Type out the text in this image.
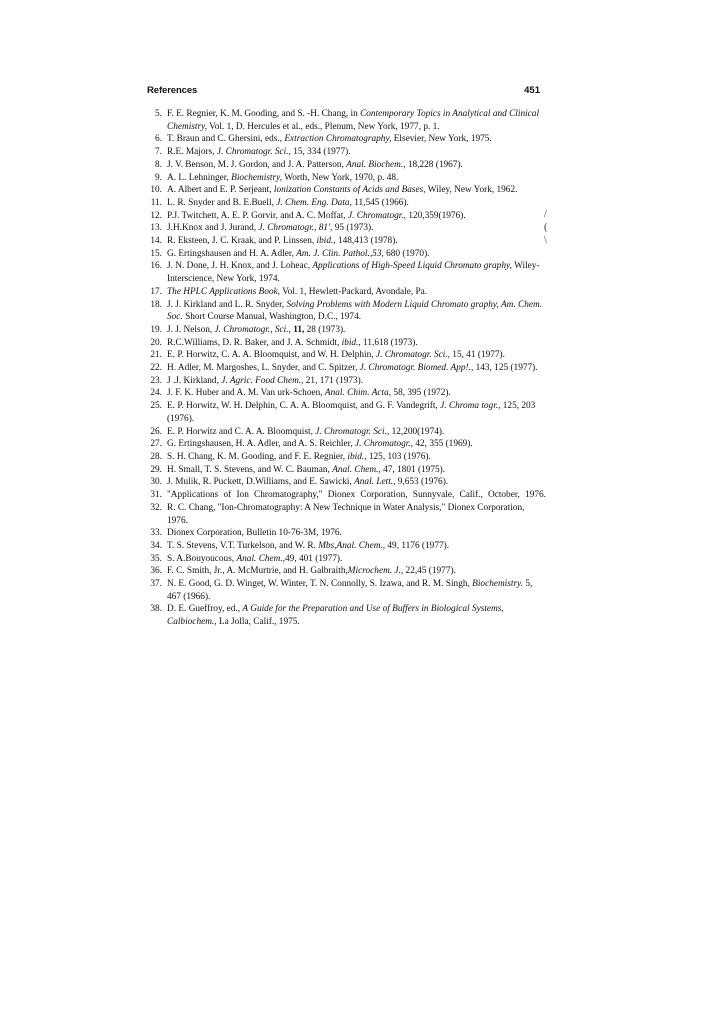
References	451
5. F. E. Regnier, K. M. Gooding, and S. -H. Chang, in Contemporary Topics in Analytical and Clinical Chemistry, Vol. 1, D. Hercules et al., eds., Plenum, New York, 1977, p. 1.
6. T. Braun and C. Ghersini, eds., Extraction Chromatography, Elsevier, New York, 1975.
7. R.E. Majors, J. Chromatogr. Sci., 15, 334 (1977).
8. J. V. Benson, M. J. Gordon, and J. A. Patterson, Anal. Biochem., 18,228 (1967).
9. A. L. Lehninger, Biochemistry, Worth, New York, 1970, p. 48.
10. A. Albert and E. P. Serjeant, lonization Constants of Acids and Bases, Wiley, New York, 1962.
11. L. R. Snyder and B. E.Buell, J. Chem. Eng. Data, 11,545 (1966).
12. P.J. Twitchett, A. E. P. Gorvir, and A. C. Moffat, J. Chromatogr., 120,359(1976).
13. J.H.Knox and J. Jurand, J. Chromatogr., 81', 95 (1973).
14. R. Eksteen, J. C. Kraak, and P. Linssen, ibid., 148,413 (1978).
15. G. Ertingshausen and H. A. Adler, Am. J. Clin. Pathol.,53, 680 (1970).
16. J. N. Done, J. H. Knox, and J. Loheac, Applications of High-Speed Liquid Chromato graphy, Wiley-Interscience, New York, 1974.
17. The HPLC Applications Book, Vol. 1, Hewlett-Packard, Avondale, Pa.
18. J. J. Kirkland and L. R. Snyder, Solving Problems with Modern Liquid Chromato graphy, Am. Chem. Soc. Short Course Manual, Washington, D.C., 1974.
19. J. J. Nelson, J. Chromatogr., Sci., 11, 28 (1973).
20. R.C.Williams, D. R. Baker, and J. A. Schmidt, ibid., 11,618 (1973).
21. E. P. Horwitz, C. A. A. Bloomquist, and W. H. Delphin, J. Chromatogr. Sci., 15, 41 (1977).
22. H. Adler, M. Margoshes, L. Snyder, and C. Spitzer, J. Chromatogr. Biomed. App!., 143, 125 (1977).
23. J .J. Kirkland, J. Agric. Food Chem., 21, 171 (1973).
24. J. F. K. Huber and A. M. Van urk-Schoen, Anal. Chim. Acta, 58, 395 (1972).
25. E. P. Horwitz, W. H. Delphin, C. A. A. Bloomquist, and G. F. Vandegrift, J. Chroma togr., 125, 203 (1976).
26. E. P. Horwitz and C. A. A. Bloomquist, J. Chromatogr. Sci., 12,200(1974).
27. G. Ertingshausen, H. A. Adler, and A. S. Reichler, J. Chromatogr., 42, 355 (1969).
28. S. H. Chang, K. M. Gooding, and F. E. Regnier, ibid., 125, 103 (1976).
29. H. Small, T. S. Stevens, and W. C. Bauman, Anal. Chem., 47, 1801 (1975).
30. J. Mulik, R. Puckett, D.Williams, and E. Sawicki, Anal. Lett., 9,653 (1976).
31. "Applications of Ion Chromatography," Dionex Corporation, Sunnyvale, Calif., October, 1976.
32. R. C. Chang, "Ion-Chromatography: A New Technique in Water Analysis," Dionex Corporation, 1976.
33. Dionex Corporation, Bulletin 10-76-3M, 1976.
34. T. S. Stevens, V.T. Turkelson, and W. R. Mbs,Anal. Chem., 49, 1176 (1977).
35. S. A.Bouyoucous, Anal. Chem.,49, 401 (1977).
36. F. C. Smith, Jr., A. McMurtrie, and H. Galbraith,Microchem. J., 22,45 (1977).
37. N. E. Good, G. D. Winget, W. Winter, T. N. Connolly, S. Izawa, and R. M. Singh, Biochemistry. 5, 467 (1966).
38. D. E. Gueffroy, ed., A Guide for the Preparation and Use of Buffers in Biological Systems, Calbiochem., La Jolla, Calif., 1975.
/
(
\
